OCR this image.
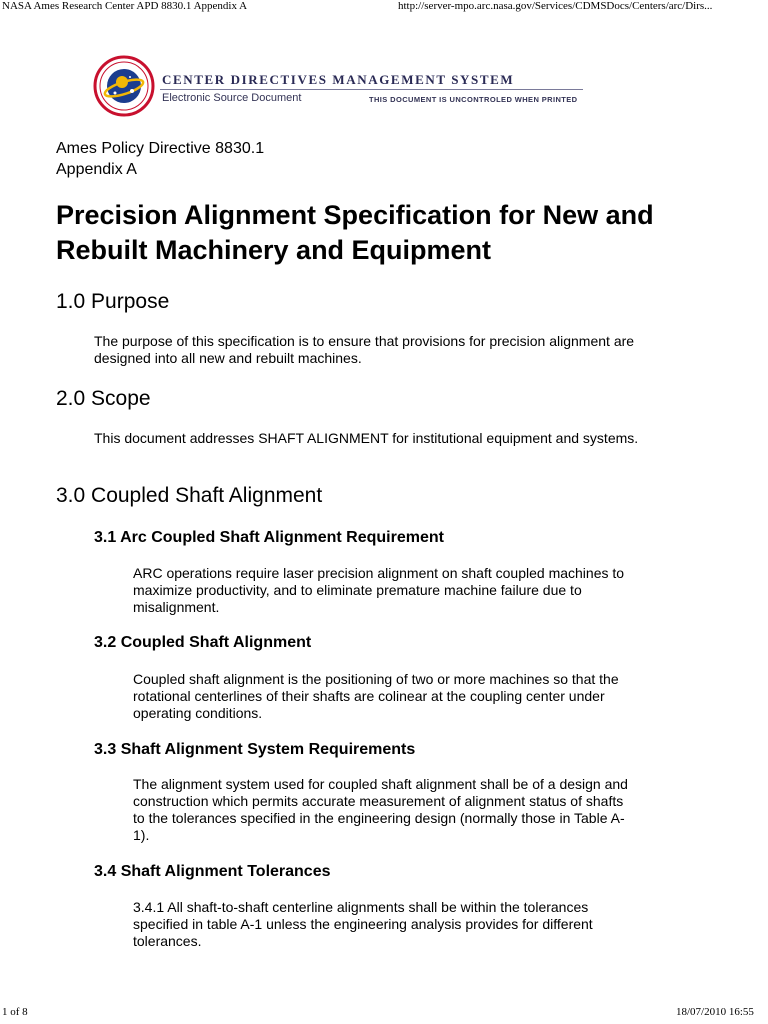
NASA Ames Research Center APD 8830.1 Appendix A	http://server-mpo.arc.nasa.gov/Services/CDMSDocs/Centers/arc/Dirs...
CENTER DIRECTIVES MANAGEMENT SYSTEM
Electronic Source Document	THIS DOCUMENT IS UNCONTROLED WHEN PRINTED
Ames Policy Directive 8830.1
Appendix A
Precision Alignment Specification for New and Rebuilt Machinery and Equipment
1.0 Purpose

The purpose of this specification is to ensure that provisions for precision alignment are designed into all new and rebuilt machines.

2.0 Scope

This document addresses SHAFT ALIGNMENT for institutional equipment and systems.

3.0 Coupled Shaft Alignment
3.1 Arc Coupled Shaft Alignment Requirement

ARC operations require laser precision alignment on shaft coupled machines to maximize productivity, and to eliminate premature machine failure due to misalignment.

3.2 Coupled Shaft Alignment

Coupled shaft alignment is the positioning of two or more machines so that the rotational centerlines of their shafts are colinear at the coupling center under operating conditions.

3.3 Shaft Alignment System Requirements

The alignment system used for coupled shaft alignment shall be of a design and construction which permits accurate measurement of alignment status of shafts to the tolerances specified in the engineering design (normally those in Table A-1).

3.4 Shaft Alignment Tolerances

3.4.1 All shaft-to-shaft centerline alignments shall be within the tolerances specified in table A-1 unless the engineering analysis provides for different tolerances.

1 of 8	18/07/2010 16:55
